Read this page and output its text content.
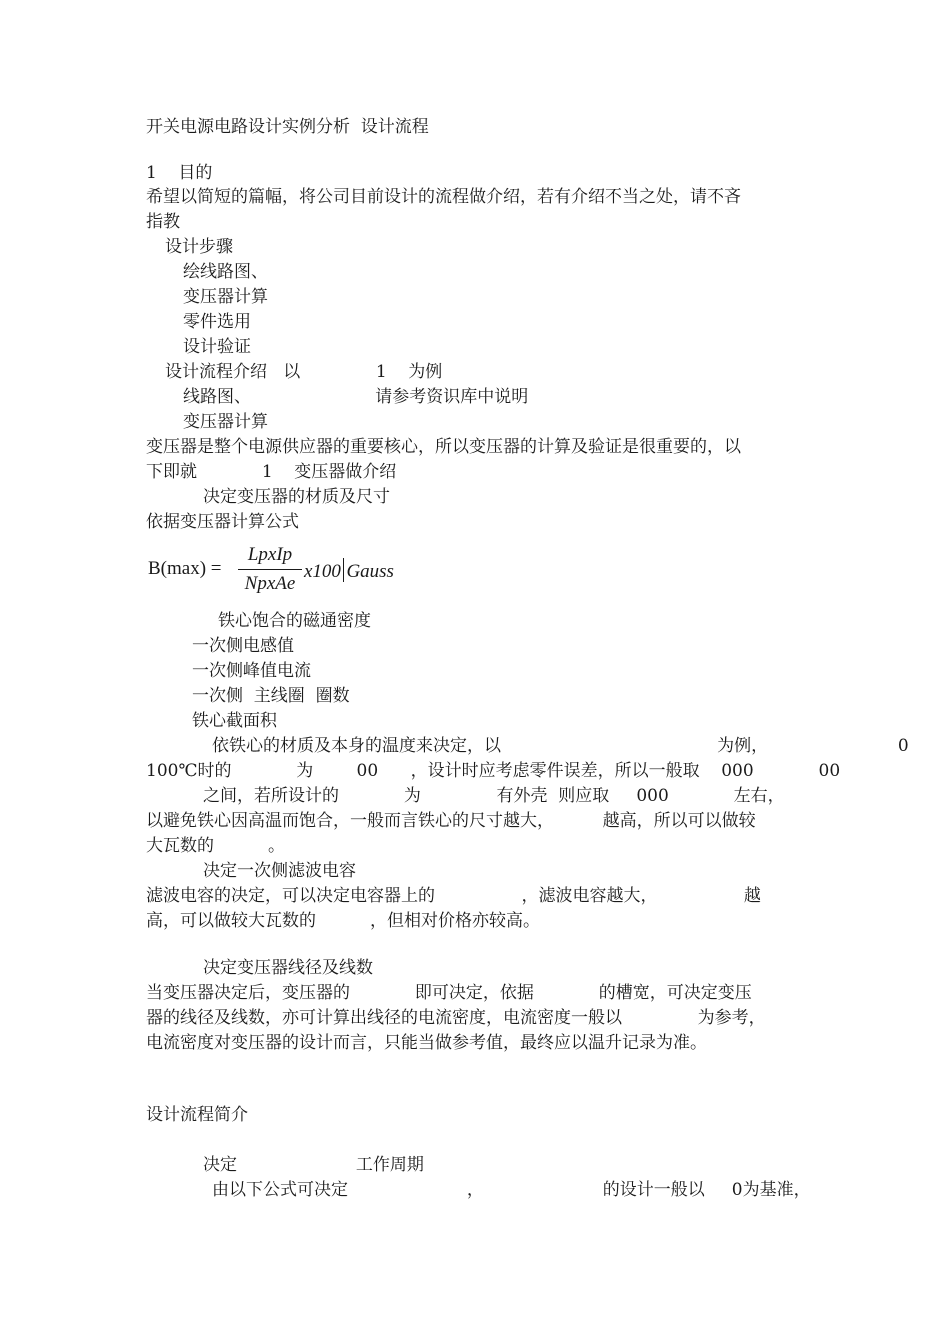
开关电源电路设计实例分析  设计流程
1    目的
希望以简短的篇幅，将公司目前设计的流程做介绍，若有介绍不当之处，请不吝
指教
设计步骤
绘线路图、
变压器计算
零件选用
设计验证
设计流程介绍   以              1    为例
线路图、                       请参考资识库中说明
变压器计算
变压器是整个电源供应器的重要核心，所以变压器的计算及验证是很重要的，以
下即就            1    变压器做介绍
决定变压器的材质及尺寸
依据变压器计算公式
B(max) =
LpxIp
NpxAe
x100 Gauss
铁心饱合的磁通密度
一次侧电感值
一次侧峰值电流
一次侧  主线圈  圈数
铁心截面积
依铁心的材质及本身的温度来决定，以                                        为例，                        0
100℃时的            为        00      ，设计时应考虑零件误差，所以一般取    000            00
之间，若所设计的            为              有外壳  则应取     000            左右，
以避免铁心因高温而饱合，一般而言铁心的尺寸越大，         越高，所以可以做较
大瓦数的          。
决定一次侧滤波电容
滤波电容的决定，可以决定电容器上的                ，滤波电容越大，                越
高，可以做较大瓦数的          ，但相对价格亦较高。
决定变压器线径及线数
当变压器决定后，变压器的            即可决定，依据            的槽宽，可决定变压
器的线径及线数，亦可计算出线径的电流密度，电流密度一般以              为参考，
电流密度对变压器的设计而言，只能当做参考值，最终应以温升记录为准。
设计流程简介
决定                      工作周期
由以下公式可决定                      ，                      的设计一般以     0为基准，
